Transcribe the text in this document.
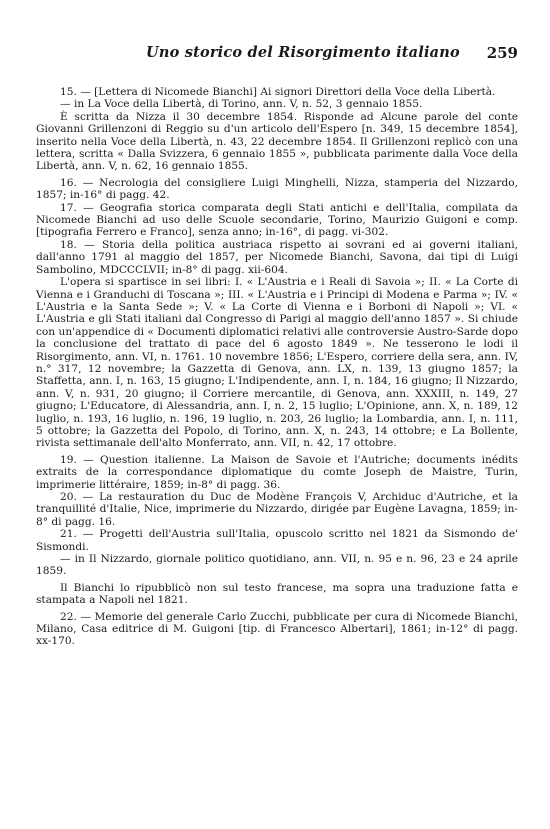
Uno storico del Risorgimento italiano 259

15. — [Lettera di Nicomede Bianchi] Ai signori Direttori della Voce della Libertà.

— in La Voce della Libertà, di Torino, ann. V, n. 52, 3 gennaio 1855.

È scritta da Nizza il 30 decembre 1854. Risponde ad Alcune parole del conte Giovanni Grillenzoni di Reggio su d'un articolo dell'Espero [n. 349, 15 decembre 1854], inserito nella Voce della Libertà, n. 43, 22 decembre 1854. Il Grillenzoni replicò con una lettera, scritta « Dalla Svizzera, 6 gennaio 1855 », pubblicata parimente dalla Voce della Libertà, ann. V, n. 62, 16 gennaio 1855.

16. — Necrologia del consigliere Luigi Minghelli, Nizza, stamperia del Nizzardo, 1857; in-16° di pagg. 42.

17. — Geografia storica comparata degli Stati antichi e dell'Italia, compilata da Nicomede Bianchi ad uso delle Scuole secondarie, Torino, Maurizio Guigoni e comp. [tipografia Ferrero e Franco], senza anno; in-16°, di pagg. vi-302.

18. — Storia della politica austriaca rispetto ai sovrani ed ai governi italiani, dall'anno 1791 al maggio del 1857, per Nicomede Bianchi, Savona, dai tipi di Luigi Sambolino, MDCCCLVII; in-8° di pagg. xii-604.

L'opera si spartisce in sei libri: I. « L'Austria e i Reali di Savoia »; II. « La Corte di Vienna e i Granduchi di Toscana »; III. « L'Austria e i Principi di Modena e Parma »; IV. « L'Austria e la Santa Sede »; V. « La Corte di Vienna e i Borboni di Napoli »; VI. « L'Austria e gli Stati italiani dal Congresso di Parigi al maggio dell'anno 1857 ». Si chiude con un'appendice di « Documenti diplomatici relativi alle controversie Austro-Sarde dopo la conclusione del trattato di pace del 6 agosto 1849 ». Ne tesserono le lodi il Risorgimento, ann. VI, n. 1761. 10 novembre 1856; L'Espero, corriere della sera, ann. IV, n.° 317, 12 novembre; la Gazzetta di Genova, ann. LX, n. 139, 13 giugno 1857; la Staffetta, ann. I, n. 163, 15 giugno; L'Indipendente, ann. I, n. 184, 16 giugno; Il Nizzardo, ann. V, n. 931, 20 giugno; il Corriere mercantile, di Genova, ann. XXXIII, n. 149, 27 giugno; L'Educatore, di Alessandria, ann. I, n. 2, 15 luglio; L'Opinione, ann. X, n. 189, 12 luglio, n. 193, 16 luglio, n. 196, 19 luglio, n. 203, 26 luglio; la Lombardia, ann. I, n. 111, 5 ottobre; la Gazzetta del Popolo, di Torino, ann. X, n. 243, 14 ottobre; e La Bollente, rivista settimanale dell'alto Monferrato, ann. VII, n. 42, 17 ottobre.

19. — Question italienne. La Maison de Savoie et l'Autriche; documents inédits extraits de la correspondance diplomatique du comte Joseph de Maistre, Turin, imprimerie littéraire, 1859; in-8° di pagg. 36.

20. — La restauration du Duc de Modène François V, Archiduc d'Autriche, et la tranquillité d'Italie, Nice, imprimerie du Nizzardo, dirigée par Eugène Lavagna, 1859; in-8° di pagg. 16.

21. — Progetti dell'Austria sull'Italia, opuscolo scritto nel 1821 da Sismondo de' Sismondi.

— in Il Nizzardo, giornale politico quotidiano, ann. VII, n. 95 e n. 96, 23 e 24 aprile 1859.

Il Bianchi lo ripubblicò non sul testo francese, ma sopra una traduzione fatta e stampata a Napoli nel 1821.

22. — Memorie del generale Carlo Zucchi, pubblicate per cura di Nicomede Bianchi, Milano, Casa editrice di M. Guigoni [tip. di Francesco Albertari], 1861; in-12° di pagg. xx-170.
